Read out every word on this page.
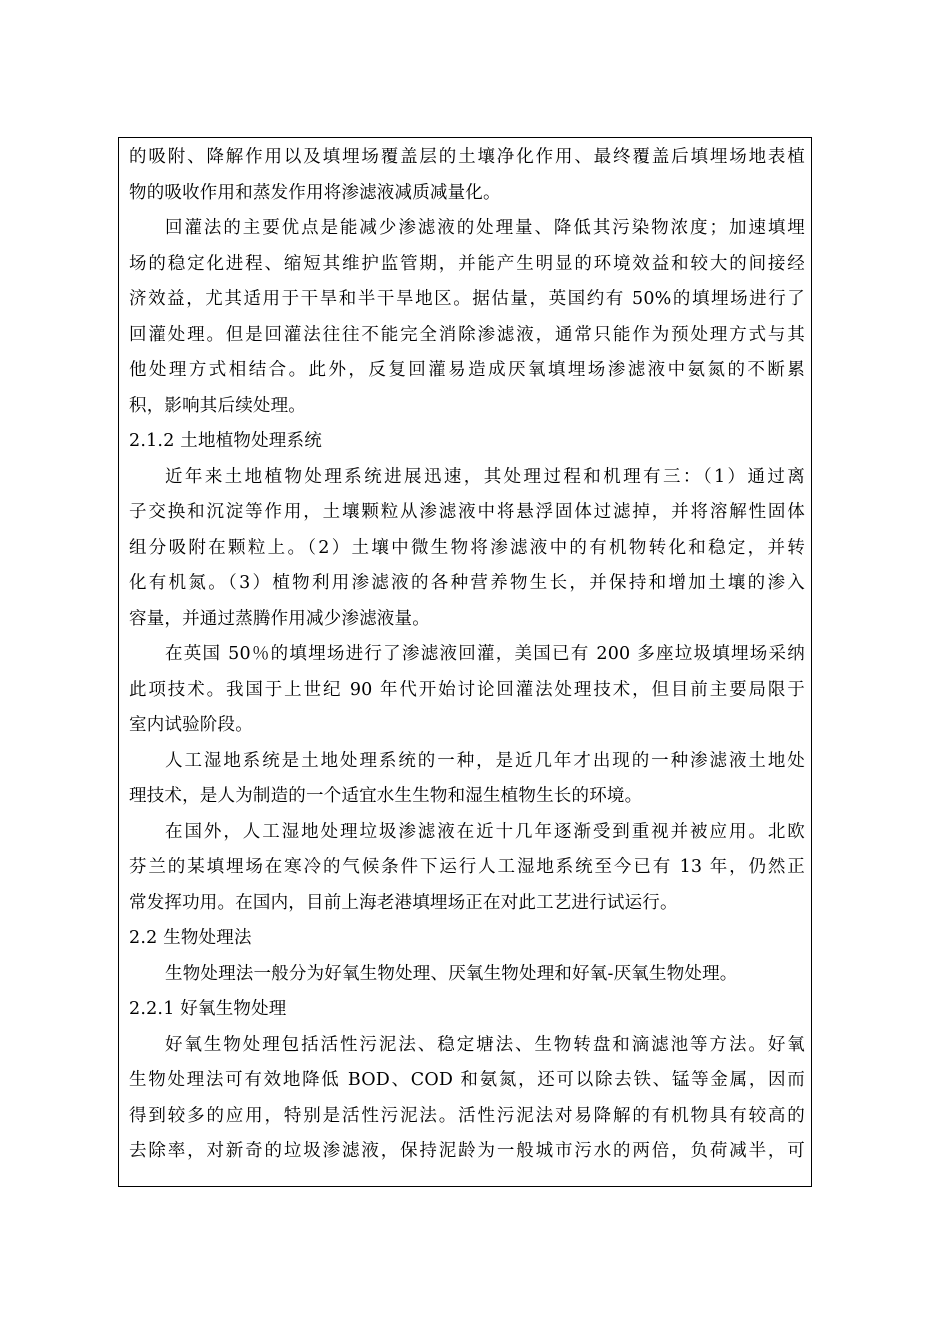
的吸附、降解作用以及填埋场覆盖层的土壤净化作用、最终覆盖后填埋场地表植
物的吸收作用和蒸发作用将渗滤液减质减量化。
回灌法的主要优点是能减少渗滤液的处理量、降低其污染物浓度；加速填埋
场的稳定化进程、缩短其维护监管期，并能产生明显的环境效益和较大的间接经
济效益，尤其适用于干旱和半干旱地区。据估量，英国约有 50%的填埋场进行了
回灌处理。但是回灌法往往不能完全消除渗滤液，通常只能作为预处理方式与其
他处理方式相结合。此外，反复回灌易造成厌氧填埋场渗滤液中氨氮的不断累
积，影响其后续处理。
2.1.2 土地植物处理系统
近年来土地植物处理系统进展迅速，其处理过程和机理有三：（1）通过离
子交换和沉淀等作用，土壤颗粒从渗滤液中将悬浮固体过滤掉，并将溶解性固体
组分吸附在颗粒上。（2）土壤中微生物将渗滤液中的有机物转化和稳定，并转
化有机氮。（3）植物利用渗滤液的各种营养物生长，并保持和增加土壤的渗入
容量，并通过蒸腾作用减少渗滤液量。
在英国 50％的填埋场进行了渗滤液回灌，美国已有 200 多座垃圾填埋场采纳
此项技术。我国于上世纪 90 年代开始讨论回灌法处理技术，但目前主要局限于
室内试验阶段。
人工湿地系统是土地处理系统的一种，是近几年才出现的一种渗滤液土地处
理技术，是人为制造的一个适宜水生生物和湿生植物生长的环境。
在国外，人工湿地处理垃圾渗滤液在近十几年逐渐受到重视并被应用。北欧
芬兰的某填埋场在寒冷的气候条件下运行人工湿地系统至今已有 13 年，仍然正
常发挥功用。在国内，目前上海老港填埋场正在对此工艺进行试运行。
2.2 生物处理法
生物处理法一般分为好氧生物处理、厌氧生物处理和好氧-厌氧生物处理。
2.2.1 好氧生物处理
好氧生物处理包括活性污泥法、稳定塘法、生物转盘和滴滤池等方法。好氧
生物处理法可有效地降低 BOD、COD 和氨氮，还可以除去铁、锰等金属，因而
得到较多的应用，特别是活性污泥法。活性污泥法对易降解的有机物具有较高的
去除率，对新奇的垃圾渗滤液，保持泥龄为一般城市污水的两倍，负荷减半，可
